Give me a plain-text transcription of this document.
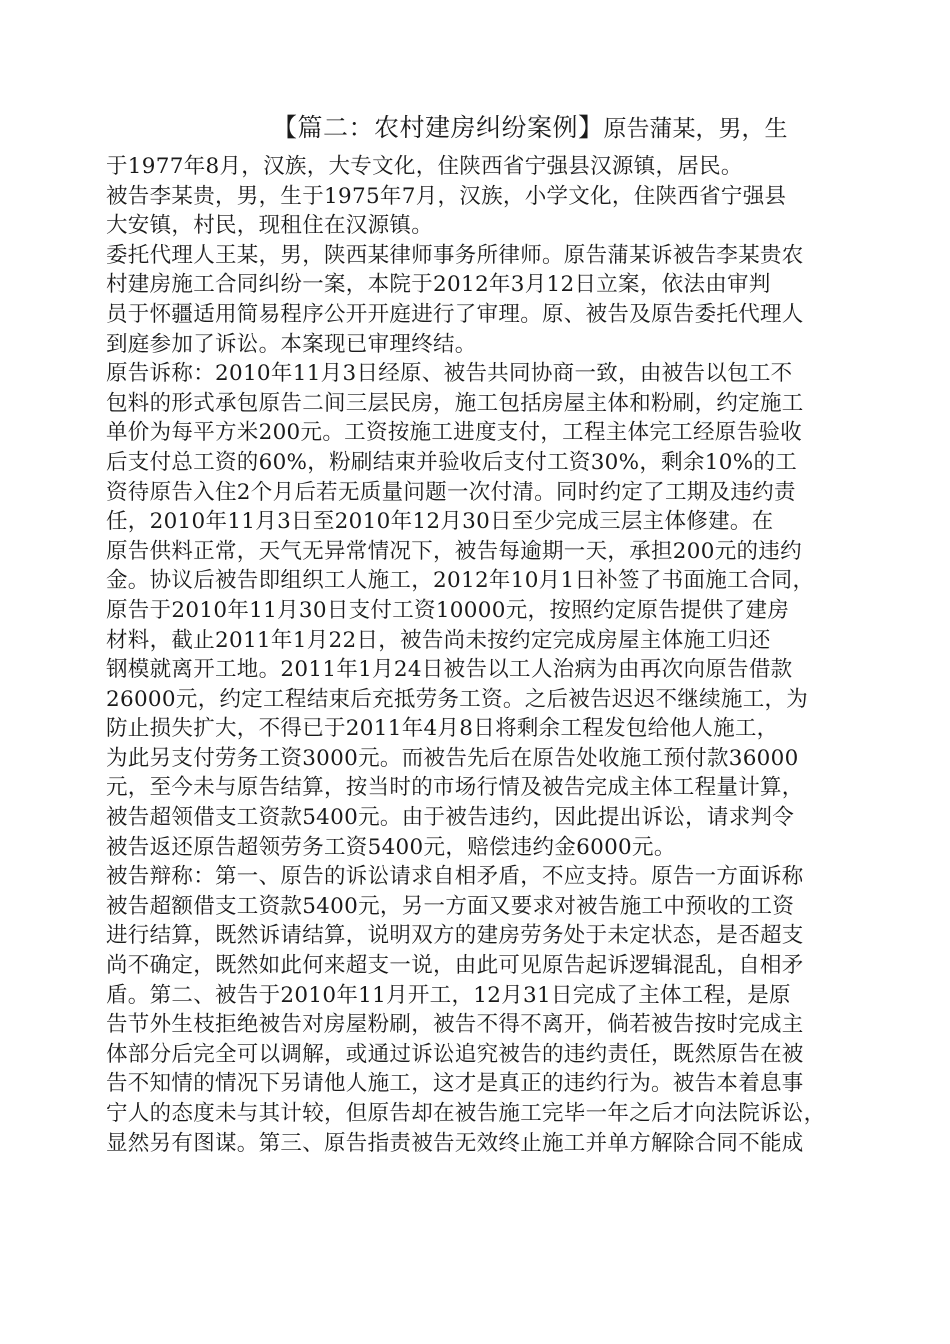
【篇二：农村建房纠纷案例】原告蒲某，男，生
于1977年8月，汉族，大专文化，住陕西省宁强县汉源镇，居民。
被告李某贵，男，生于1975年7月，汉族，小学文化，住陕西省宁强县
大安镇，村民，现租住在汉源镇。
委托代理人王某，男，陕西某律师事务所律师。原告蒲某诉被告李某贵农
村建房施工合同纠纷一案，本院于2012年3月12日立案，依法由审判
员于怀疆适用简易程序公开开庭进行了审理。原、被告及原告委托代理人
到庭参加了诉讼。本案现已审理终结。
原告诉称：2010年11月3日经原、被告共同协商一致，由被告以包工不
包料的形式承包原告二间三层民房，施工包括房屋主体和粉刷，约定施工
单价为每平方米200元。工资按施工进度支付，工程主体完工经原告验收
后支付总工资的60%，粉刷结束并验收后支付工资30%，剩余10%的工
资待原告入住2个月后若无质量问题一次付清。同时约定了工期及违约责
任，2010年11月3日至2010年12月30日至少完成三层主体修建。在
原告供料正常，天气无异常情况下，被告每逾期一天，承担200元的违约
金。协议后被告即组织工人施工，2012年10月1日补签了书面施工合同，
原告于2010年11月30日支付工资10000元，按照约定原告提供了建房
材料，截止2011年1月22日，被告尚未按约定完成房屋主体施工归还
钢模就离开工地。2011年1月24日被告以工人治病为由再次向原告借款
26000元，约定工程结束后充抵劳务工资。之后被告迟迟不继续施工，为
防止损失扩大，不得已于2011年4月8日将剩余工程发包给他人施工，
为此另支付劳务工资3000元。而被告先后在原告处收施工预付款36000
元，至今未与原告结算，按当时的市场行情及被告完成主体工程量计算，
被告超领借支工资款5400元。由于被告违约，因此提出诉讼，请求判令
被告返还原告超领劳务工资5400元，赔偿违约金6000元。
被告辩称：第一、原告的诉讼请求自相矛盾，不应支持。原告一方面诉称
被告超额借支工资款5400元，另一方面又要求对被告施工中预收的工资
进行结算，既然诉请结算，说明双方的建房劳务处于未定状态，是否超支
尚不确定，既然如此何来超支一说，由此可见原告起诉逻辑混乱，自相矛
盾。第二、被告于2010年11月开工，12月31日完成了主体工程，是原
告节外生枝拒绝被告对房屋粉刷，被告不得不离开，倘若被告按时完成主
体部分后完全可以调解，或通过诉讼追究被告的违约责任，既然原告在被
告不知情的情况下另请他人施工，这才是真正的违约行为。被告本着息事
宁人的态度未与其计较，但原告却在被告施工完毕一年之后才向法院诉讼，
显然另有图谋。第三、原告指责被告无效终止施工并单方解除合同不能成
